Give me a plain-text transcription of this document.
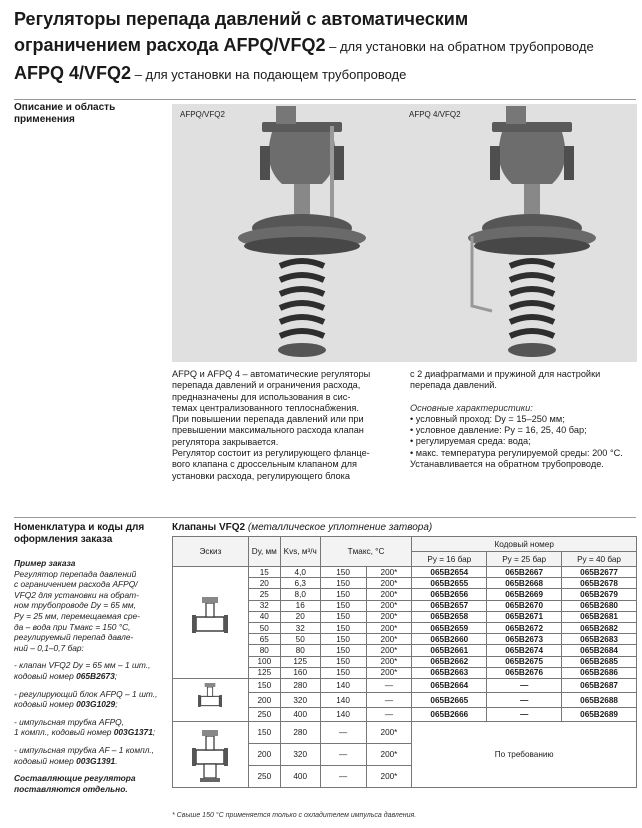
Регуляторы перепада давлений с автоматическим
ограничением расхода AFPQ/VFQ2 – для установки на обратном трубопроводе
AFPQ 4/VFQ2 – для установки на подающем трубопроводе
Описание и область применения	AFPQ/VFQ2	AFPQ 4/VFQ2

AFPQ и AFPQ 4 – автоматические регуляторы

перепада давлений и ограничения расхода,

предназначены для использования в сис-

темах централизованного теплоснабжения.

При повышении перепада давлений или при

превышении максимального расхода клапан

регулятора закрывается.

Регулятор состоит из регулирующего фланце-

вого клапана с дроссельным клапаном для

установки расхода, регулирующего блока

с 2 диафрагмами и пружиной для настройки

перепада давлений.

Основные характеристики:

• условный проход: Dу = 15–250 мм;

• условное давление: Pу = 16, 25, 40 бар;

• регулируемая среда: вода;

• макс. температура регулируемой среды: 200 °C.

Устанавливается на обратном трубопроводе.

Номенклатура и коды для оформления заказа
Пример заказа
Регулятор перепада давлений
с ограничением расхода AFPQ/
VFQ2 для установки на обрат-
ном трубопроводе Dу = 65 мм,
Pу = 25 мм, перемещаемая сре-
да – вода при Tмакс = 150 °C,
регулируемый перепад давле-
ний – 0,1–0,7 бар:
- клапан VFQ2 Dу = 65 мм – 1 шт.,
кодовый номер 065B2673;
- регулирующий блок AFPQ – 1 шт.,
кодовый номер 003G1029;
- импульсная трубка AFPQ,
1 компл., кодовый номер 003G1371;
- импульсная трубка AF – 1 компл.,
кодовый номер 003G1391.
Составляющие регулятора поставляются отдельно.
Клапаны VFQ2 (металлическое уплотнение затвора)
Эскиз	Dу, мм	Kvs, м³/ч	Tмакс, °C		Кодовый номер		
					Pу = 16 бар	Pу = 25 бар	Pу = 40 бар
	15	4,0	150	200*	065B2654	065B2667	065B2677
	20	6,3	150	200*	065B2655	065B2668	065B2678
	25	8,0	150	200*	065B2656	065B2669	065B2679
	32	16	150	200*	065B2657	065B2670	065B2680
	40	20	150	200*	065B2658	065B2671	065B2681
	50	32	150	200*	065B2659	065B2672	065B2682
	65	50	150	200*	065B2660	065B2673	065B2683
	80	80	150	200*	065B2661	065B2674	065B2684
	100	125	150	200*	065B2662	065B2675	065B2685
	125	160	150	200*	065B2663	065B2676	065B2686
	150	280	140	—	065B2664	—	065B2687
	200	320	140	—	065B2665	—	065B2688
	250	400	140	—	065B2666	—	065B2689
	150	280	—	200*	По требованию		
	200	320	—	200*			
	250	400	—	200*			
* Свыше 150 °C применяется только с охладителем импульса давления.
